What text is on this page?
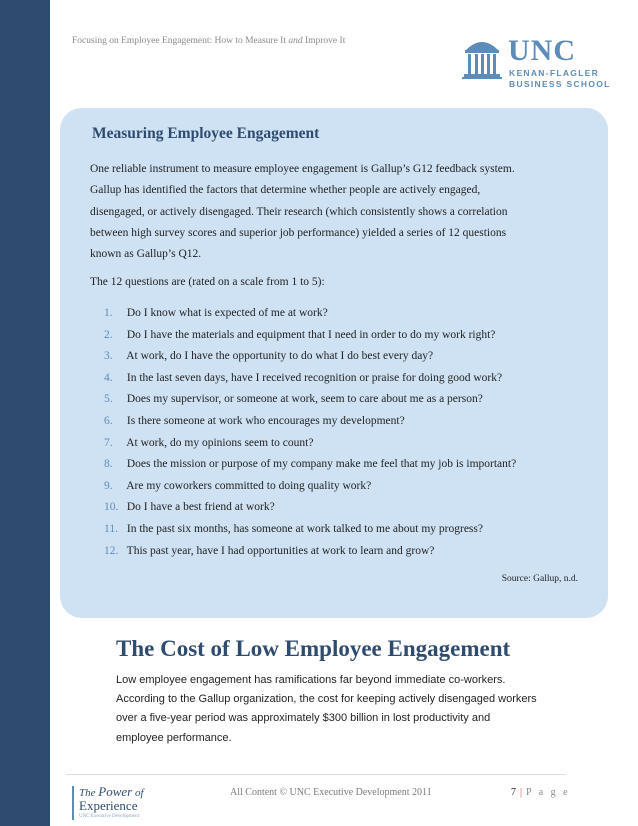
Focusing on Employee Engagement: How to Measure It and Improve It	UNC
KENAN-FLAGLER
BUSINESS SCHOOL
Measuring Employee Engagement
One reliable instrument to measure employee engagement is Gallup’s G12 feedback system.
Gallup has identified the factors that determine whether people are actively engaged,
disengaged, or actively disengaged. Their research (which consistently shows a correlation
between high survey scores and superior job performance) yielded a series of 12 questions
known as Gallup’s Q12.
The 12 questions are (rated on a scale from 1 to 5):
1. Do I know what is expected of me at work?
2. Do I have the materials and equipment that I need in order to do my work right?
3. At work, do I have the opportunity to do what I do best every day?
4. In the last seven days, have I received recognition or praise for doing good work?
5. Does my supervisor, or someone at work, seem to care about me as a person?
6. Is there someone at work who encourages my development?
7. At work, do my opinions seem to count?
8. Does the mission or purpose of my company make me feel that my job is important?
9. Are my coworkers committed to doing quality work?
10. Do I have a best friend at work?
11. In the past six months, has someone at work talked to me about my progress?
12. This past year, have I had opportunities at work to learn and grow?
Source: Gallup, n.d.
The Cost of Low Employee Engagement
Low employee engagement has ramifications far beyond immediate co-workers.
According to the Gallup organization, the cost for keeping actively disengaged workers
over a five-year period was approximately $300 billion in lost productivity and
employee performance.
The Power of
Experience
UNC Executive Development
All Content © UNC Executive Development 2011	7 | P a g e
